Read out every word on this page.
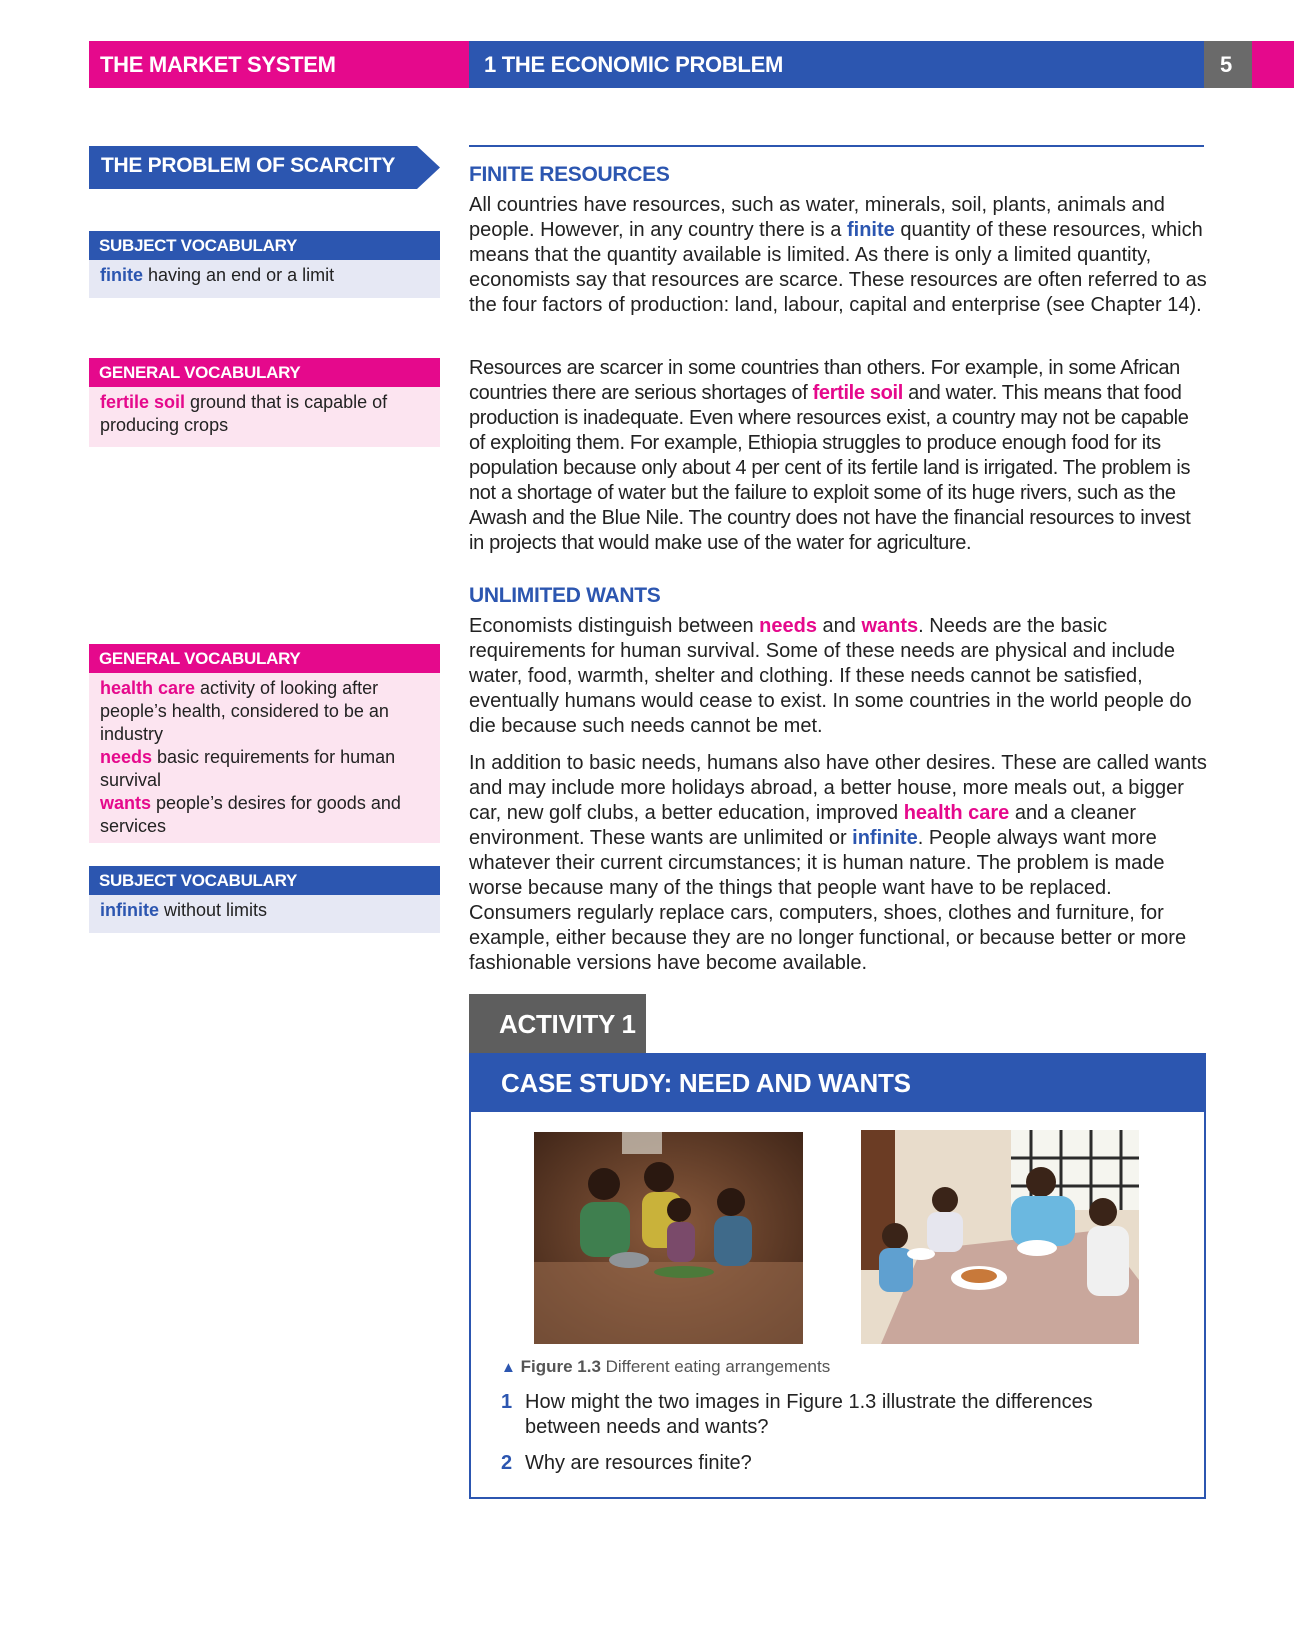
THE MARKET SYSTEM	1 THE ECONOMIC PROBLEM	5
THE PROBLEM OF SCARCITY
SUBJECT VOCABULARY
finite having an end or a limit
GENERAL VOCABULARY
fertile soil ground that is capable of producing crops
GENERAL VOCABULARY
health care activity of looking after people’s health, considered to be an industry
needs basic requirements for human survival
wants people’s desires for goods and services
SUBJECT VOCABULARY
infinite without limits
FINITE RESOURCES
All countries have resources, such as water, minerals, soil, plants, animals and people. However, in any country there is a finite quantity of these resources, which means that the quantity available is limited. As there is only a limited quantity, economists say that resources are scarce. These resources are often referred to as the four factors of production: land, labour, capital and enterprise (see Chapter 14).
Resources are scarcer in some countries than others. For example, in some African countries there are serious shortages of fertile soil and water. This means that food production is inadequate. Even where resources exist, a country may not be capable of exploiting them. For example, Ethiopia struggles to produce enough food for its population because only about 4 per cent of its fertile land is irrigated. The problem is not a shortage of water but the failure to exploit some of its huge rivers, such as the Awash and the Blue Nile. The country does not have the financial resources to invest in projects that would make use of the water for agriculture.
UNLIMITED WANTS
Economists distinguish between needs and wants. Needs are the basic requirements for human survival. Some of these needs are physical and include water, food, warmth, shelter and clothing. If these needs cannot be satisfied, eventually humans would cease to exist. In some countries in the world people do die because such needs cannot be met.
In addition to basic needs, humans also have other desires. These are called wants and may include more holidays abroad, a better house, more meals out, a bigger car, new golf clubs, a better education, improved health care and a cleaner environment. These wants are unlimited or infinite. People always want more whatever their current circumstances; it is human nature. The problem is made worse because many of the things that people want have to be replaced. Consumers regularly replace cars, computers, shoes, clothes and furniture, for example, either because they are no longer functional, or because better or more fashionable versions have become available.
ACTIVITY 1
CASE STUDY: NEED AND WANTS
▲ Figure 1.3 Different eating arrangements
1 How might the two images in Figure 1.3 illustrate the differences between needs and wants?
2 Why are resources finite?
